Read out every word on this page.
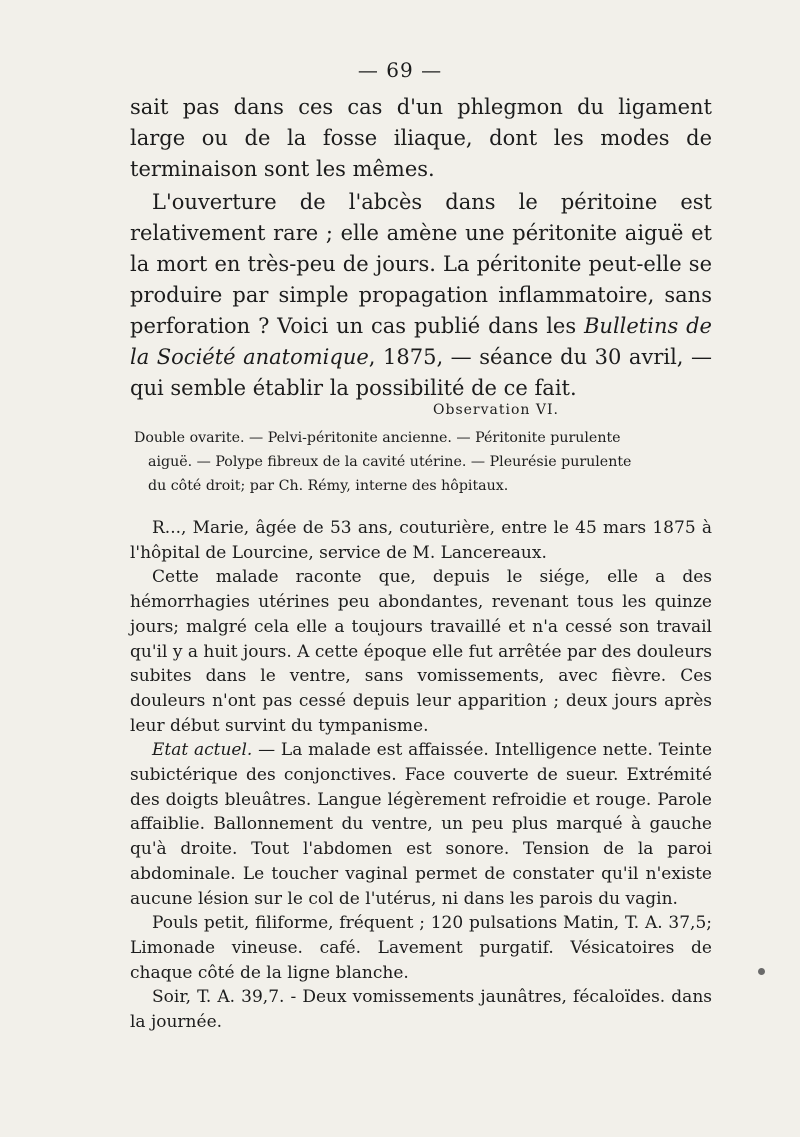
— 69 —

sait pas dans ces cas d'un phlegmon du ligament large ou de la fosse iliaque, dont les modes de terminaison sont les mêmes.

L'ouverture de l'abcès dans le péritoine est relativement rare ; elle amène une péritonite aiguë et la mort en très-peu de jours. La péritonite peut-elle se produire par simple propagation inflammatoire, sans perforation ? Voici un cas publié dans les Bulletins de la Société anatomique, 1875, — séance du 30 avril, — qui semble établir la possibilité de ce fait.

Observation VI.

Double ovarite. — Pelvi-péritonite ancienne. — Péritonite purulente
aiguë. — Polype fibreux de la cavité utérine. — Pleurésie purulente
du côté droit; par Ch. Rémy, interne des hôpitaux.

R..., Marie, âgée de 53 ans, couturière, entre le 45 mars 1875 à l'hôpital de Lourcine, service de M. Lancereaux.

Cette malade raconte que, depuis le siége, elle a des hémorrhagies utérines peu abondantes, revenant tous les quinze jours; malgré cela elle a toujours travaillé et n'a cessé son travail qu'il y a huit jours. A cette époque elle fut arrêtée par des douleurs subites dans le ventre, sans vomissements, avec fièvre. Ces douleurs n'ont pas cessé depuis leur apparition ; deux jours après leur début survint du tympanisme.

Etat actuel. — La malade est affaissée. Intelligence nette. Teinte subictérique des conjonctives. Face couverte de sueur. Extrémité des doigts bleuâtres. Langue légèrement refroidie et rouge. Parole affaiblie. Ballonnement du ventre, un peu plus marqué à gauche qu'à droite. Tout l'abdomen est sonore. Tension de la paroi abdominale. Le toucher vaginal permet de constater qu'il n'existe aucune lésion sur le col de l'utérus, ni dans les parois du vagin.

Pouls petit, filiforme, fréquent ; 120 pulsations Matin, T. A. 37,5; Limonade vineuse. café. Lavement purgatif. Vésicatoires de chaque côté de la ligne blanche.

Soir, T. A. 39,7. - Deux vomissements jaunâtres, fécaloïdes. dans la journée.
